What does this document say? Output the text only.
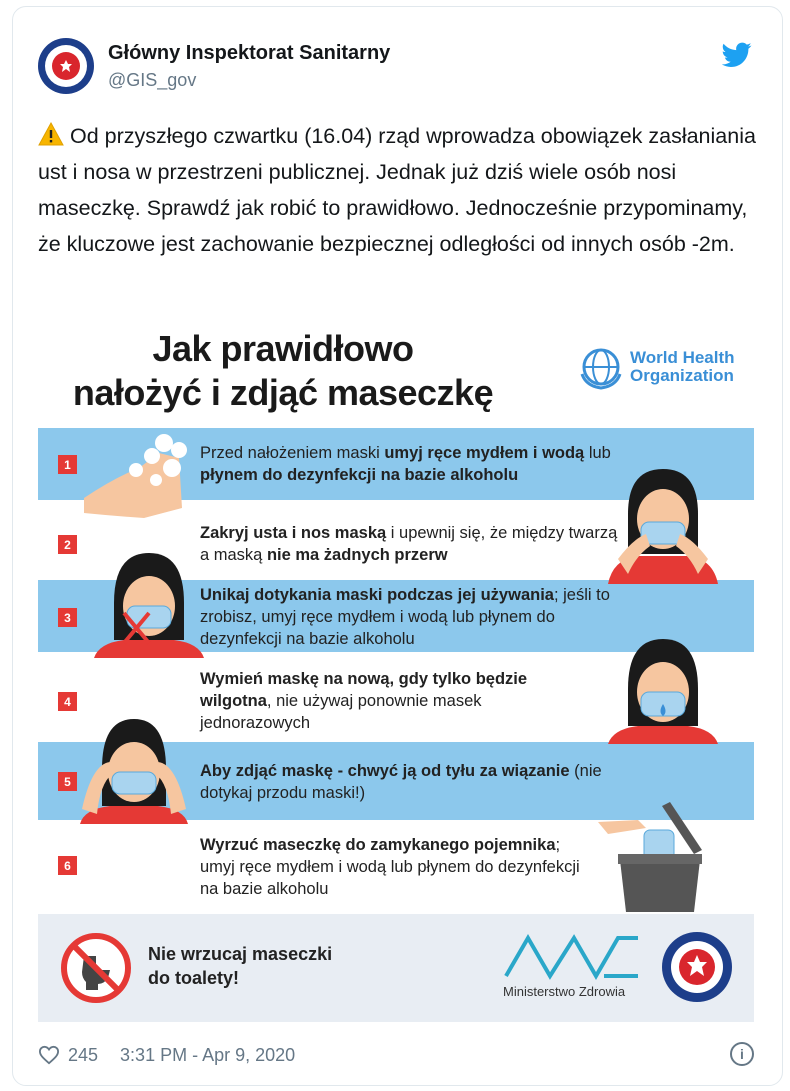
Główny Inspektorat Sanitarny
@GIS_gov
Od przyszłego czwartku (16.04) rząd wprowadza obowiązek zasłaniania ust i nosa w przestrzeni publicznej. Jednak już dziś wiele osób nosi maseczkę. Sprawdź jak robić to prawidłowo. Jednocześnie przypominamy, że kluczowe jest zachowanie bezpiecznej odległości od innych osób -2m.
Jak prawidłowo
nałożyć i zdjąć maseczkę
World Health
Organization
1
Przed nałożeniem maski umyj ręce mydłem i wodą lub płynem do dezynfekcji na bazie alkoholu
2
Zakryj usta i nos maską i upewnij się, że między twarzą a maską nie ma żadnych przerw
3
Unikaj dotykania maski podczas jej używania; jeśli to zrobisz, umyj ręce mydłem i wodą lub płynem do dezynfekcji na bazie alkoholu
4
Wymień maskę na nową, gdy tylko będzie wilgotna, nie używaj ponownie masek jednorazowych
5
Aby zdjąć maskę - chwyć ją od tyłu za wiązanie (nie dotykaj przodu maski!)
6
Wyrzuć maseczkę do zamykanego pojemnika; umyj ręce mydłem i wodą lub płynem do dezynfekcji na bazie alkoholu
Nie wrzucaj maseczki
do toalety!
Ministerstwo Zdrowia
245 3:31 PM - Apr 9, 2020	i
